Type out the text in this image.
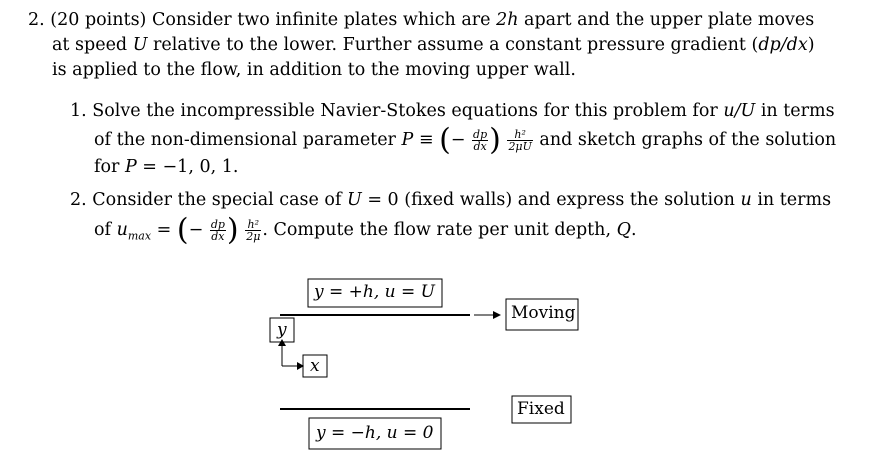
2. (20 points) Consider two infinite plates which are 2h apart and the upper plate moves
at speed U relative to the lower. Further assume a constant pressure gradient (dp/dx)
is applied to the flow, in addition to the moving upper wall.
1. Solve the incompressible Navier-Stokes equations for this problem for u/U in terms
of the non-dimensional parameter P ≡ (− $\frac{dp}{dx}$ ) $\frac{\text{h²}}{2\mu U}$ and sketch graphs of the solution
for P = −1, 0, 1.
2. Consider the special case of U = 0 (fixed walls) and express the solution u in terms
of $u_{max}$ = (− $\frac{dp}{dx}$ ) $\frac{\text{h²}}{2\mu}$ . Compute the flow rate per unit depth, Q.
y = +h, u = U
Moving
y
x
Fixed
y = −h, u = 0
